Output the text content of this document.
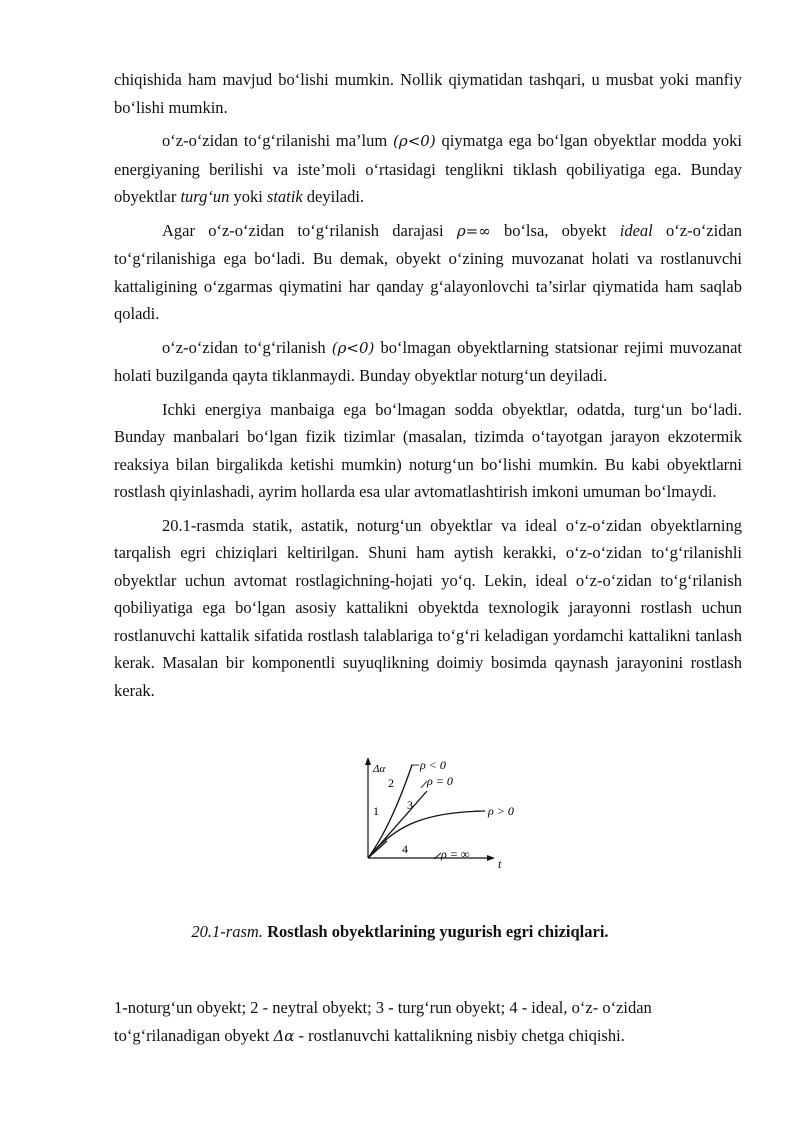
chiqishida ham mavjud bo‘lishi mumkin. Nollik qiymatidan tashqari, u musbat yoki manfiy bo‘lishi mumkin.

o‘z-o‘zidan to‘g‘rilanishi ma’lum (ρ<0) qiymatga ega bo‘lgan obyektlar modda yoki energiyaning berilishi va iste’moli o‘rtasidagi tenglikni tiklash qobiliyatiga ega. Bunday obyektlar turg‘un yoki statik deyiladi.

Agar o‘z-o‘zidan to‘g‘rilanish darajasi ρ=∞ bo‘lsa, obyekt ideal o‘z-o‘zidan to‘g‘rilanishiga ega bo‘ladi. Bu demak, obyekt o‘zining muvozanat holati va rostlanuvchi kattaligining o‘zgarmas qiymatini har qanday g‘alayonlovchi ta’sirlar qiymatida ham saqlab qoladi.

o‘z-o‘zidan to‘g‘rilanish (ρ<0) bo‘lmagan obyektlarning statsionar rejimi muvozanat holati buzilganda qayta tiklanmaydi. Bunday obyektlar noturg‘un deyiladi.

Ichki energiya manbaiga ega bo‘lmagan sodda obyektlar, odatda, turg‘un bo‘ladi. Bunday manbalari bo‘lgan fizik tizimlar (masalan, tizimda o‘tayotgan jarayon ekzotermik reaksiya bilan birgalikda ketishi mumkin) noturg‘un bo‘lishi mumkin. Bu kabi obyektlarni rostlash qiyinlashadi, ayrim hollarda esa ular avtomatlashtirish imkoni umuman bo‘lmaydi.

20.1-rasmda statik, astatik, noturg‘un obyektlar va ideal o‘z-o‘zidan obyektlarning tarqalish egri chiziqlari keltirilgan. Shuni ham aytish kerakki, o‘z-o‘zidan to‘g‘rilanishli obyektlar uchun avtomat rostlagichning-hojati yo‘q. Lekin, ideal o‘z-o‘zidan to‘g‘rilanish qobiliyatiga ega bo‘lgan asosiy kattalikni obyektda texnologik jarayonni rostlash uchun rostlanuvchi kattalik sifatida rostlash talablariga to‘g‘ri keladigan yordamchi kattalikni tanlash kerak. Masalan bir komponentli suyuqlikning doimiy bosimda qaynash jarayonini rostlash kerak.

Δα
t
1
2
3
4
ρ < 0
ρ = 0
ρ > 0
ρ = ∞
20.1-rasm. Rostlash obyektlarining yugurish egri chiziqlari.
1-noturg‘un obyekt; 2 - neytral obyekt; 3 - turg‘run obyekt; 4 - ideal, o‘z- o‘zidan to‘g‘rilanadigan obyekt Δα - rostlanuvchi kattalikning nisbiy chetga chiqishi.
